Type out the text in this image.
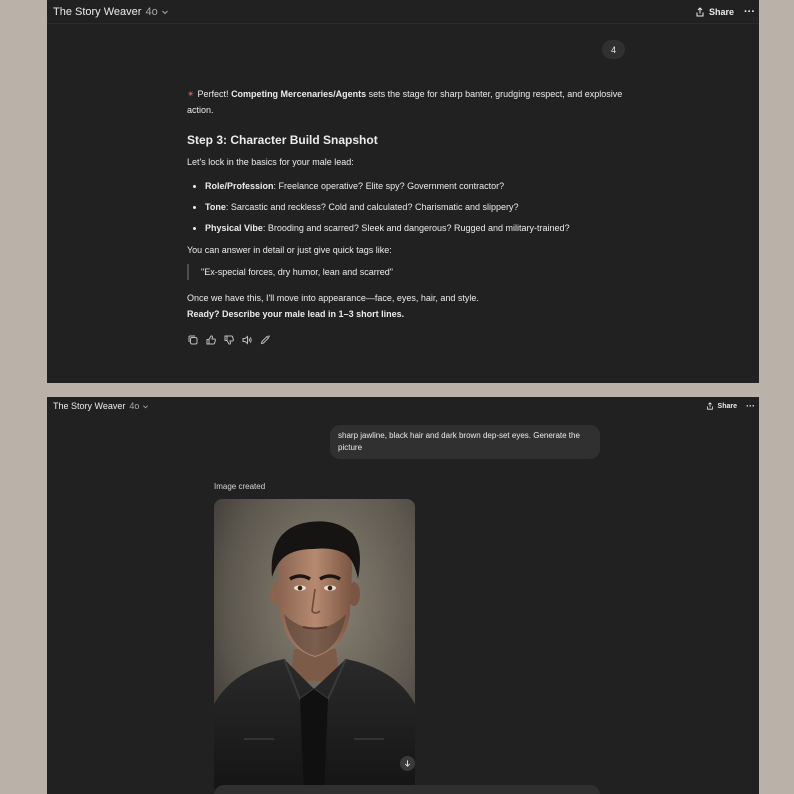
The Story Weaver 4o	Share ···
4

✴ Perfect! Competing Mercenaries/Agents sets the stage for sharp banter, grudging respect, and explosive action.

Step 3: Character Build Snapshot

Let's lock in the basics for your male lead:

Role/Profession: Freelance operative? Elite spy? Government contractor?
Tone: Sarcastic and reckless? Cold and calculated? Charismatic and slippery?
Physical Vibe: Brooding and scarred? Sleek and dangerous? Rugged and military-trained?

You can answer in detail or just give quick tags like:

"Ex-special forces, dry humor, lean and scarred"

Once we have this, I'll move into appearance—face, eyes, hair, and style.
Ready? Describe your male lead in 1–3 short lines.

The Story Weaver 4o	Share ···
sharp jawline, black hair and dark brown dep-set eyes. Generate the picture
Image created
